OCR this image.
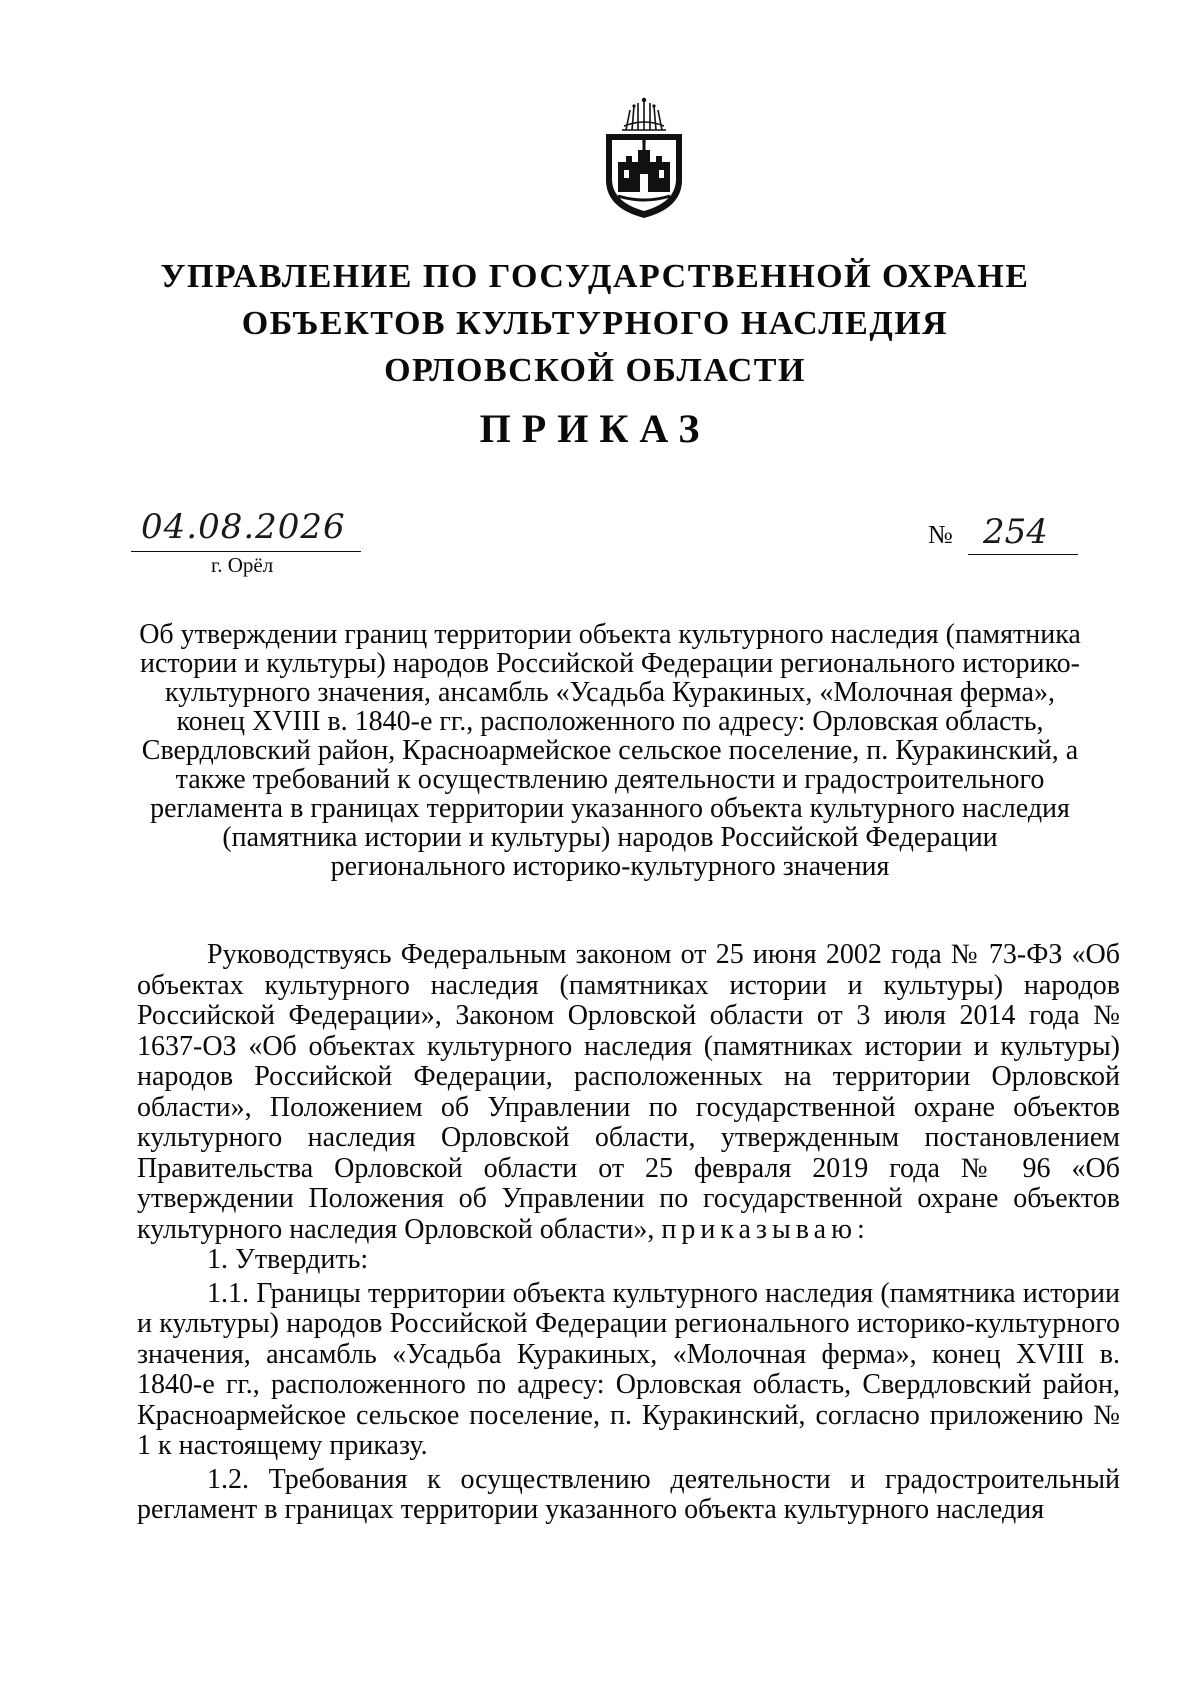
УПРАВЛЕНИЕ ПО ГОСУДАРСТВЕННОЙ ОХРАНЕ
ОБЪЕКТОВ КУЛЬТУРНОГО НАСЛЕДИЯ
ОРЛОВСКОЙ ОБЛАСТИ
ПРИКАЗ
04.08.2026
г. Орёл
№ 254
Об утверждении границ территории объекта культурного наследия (памятника истории и культуры) народов Российской Федерации регионального историко-культурного значения, ансамбль «Усадьба Куракиных, «Молочная ферма», конец XVIII в. 1840-е гг., расположенного по адресу: Орловская область, Свердловский район, Красноармейское сельское поселение, п. Куракинский, а также требований к осуществлению деятельности и градостроительного регламента в границах территории указанного объекта культурного наследия (памятника истории и культуры) народов Российской Федерации регионального историко-культурного значения

Руководствуясь Федеральным законом от 25 июня 2002 года № 73-ФЗ «Об объектах культурного наследия (памятниках истории и культуры) народов Российской Федерации», Законом Орловской области от 3 июля 2014 года № 1637-ОЗ «Об объектах культурного наследия (памятниках истории и культуры) народов Российской Федерации, расположенных на территории Орловской области», Положением об Управлении по государственной охране объектов культурного наследия Орловской области, утвержденным постановлением Правительства Орловской области от 25 февраля 2019 года № 96 «Об утверждении Положения об Управлении по государственной охране объектов культурного наследия Орловской области», приказываю:

1. Утвердить:

1.1. Границы территории объекта культурного наследия (памятника истории и культуры) народов Российской Федерации регионального историко-культурного значения, ансамбль «Усадьба Куракиных, «Молочная ферма», конец XVIII в. 1840-е гг., расположенного по адресу: Орловская область, Свердловский район, Красноармейское сельское поселение, п. Куракинский, согласно приложению № 1 к настоящему приказу.

1.2. Требования к осуществлению деятельности и градостроительный регламент в границах территории указанного объекта культурного наследия
